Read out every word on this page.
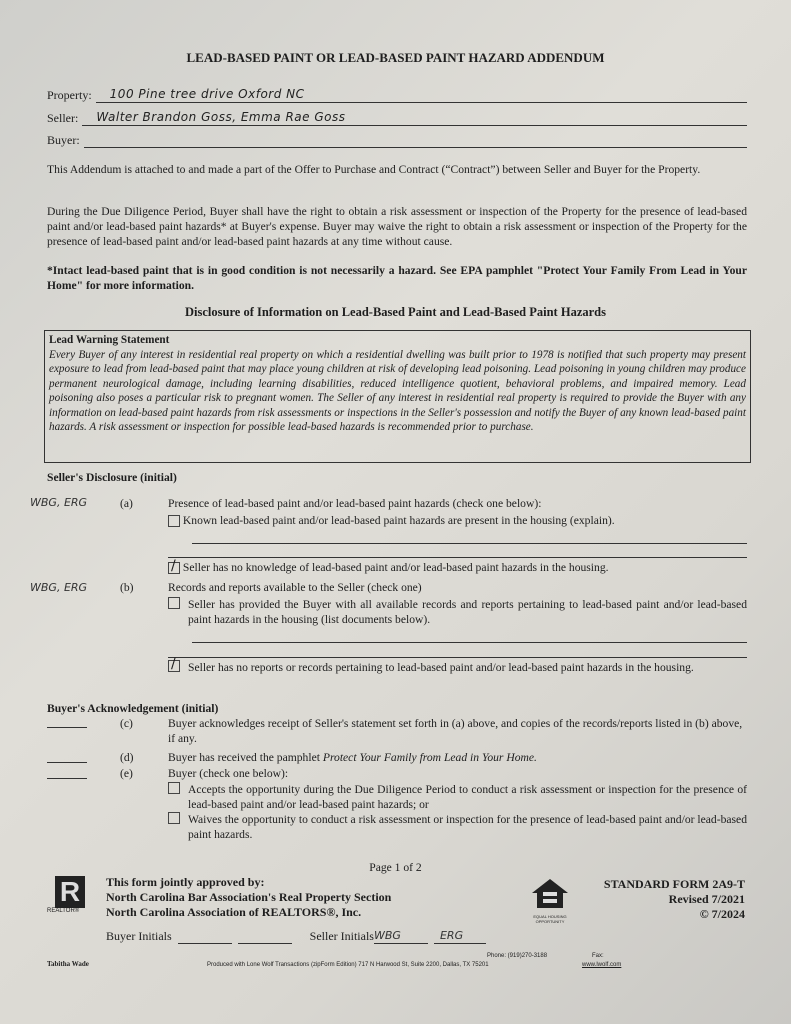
LEAD-BASED PAINT OR LEAD-BASED PAINT HAZARD ADDENDUM
Property:	100 Pine tree drive Oxford NC
Seller:	Walter Brandon Goss, Emma Rae Goss
Buyer:

This Addendum is attached to and made a part of the Offer to Purchase and Contract (“Contract”) between Seller and Buyer for the Property.

During the Due Diligence Period, Buyer shall have the right to obtain a risk assessment or inspection of the Property for the presence of lead-based paint and/or lead-based paint hazards* at Buyer's expense. Buyer may waive the right to obtain a risk assessment or inspection of the Property for the presence of lead-based paint and/or lead-based paint hazards at any time without cause.

*Intact lead-based paint that is in good condition is not necessarily a hazard. See EPA pamphlet "Protect Your Family From Lead in Your Home" for more information.

Disclosure of Information on Lead-Based Paint and Lead-Based Paint Hazards
Lead Warning Statement
Every Buyer of any interest in residential real property on which a residential dwelling was built prior to 1978 is notified that such property may present exposure to lead from lead-based paint that may place young children at risk of developing lead poisoning. Lead poisoning in young children may produce permanent neurological damage, including learning disabilities, reduced intelligence quotient, behavioral problems, and impaired memory. Lead poisoning also poses a particular risk to pregnant women. The Seller of any interest in residential real property is required to provide the Buyer with any information on lead-based paint hazards from risk assessments or inspections in the Seller's possession and notify the Buyer of any known lead-based paint hazards. A risk assessment or inspection for possible lead-based hazards is recommended prior to purchase.
Seller's Disclosure (initial)
WBG, ERG	(a)	Presence of lead-based paint and/or lead-based paint hazards (check one below):
Known lead-based paint and/or lead-based paint hazards are present in the housing (explain).
/ Seller has no knowledge of lead-based paint and/or lead-based paint hazards in the housing.
WBG, ERG	(b)	Records and reports available to the Seller (check one)
Seller has provided the Buyer with all available records and reports pertaining to lead-based paint and/or lead-based paint hazards in the housing (list documents below).
/
Seller has no reports or records pertaining to lead-based paint and/or lead-based paint hazards in the housing.
Buyer's Acknowledgement (initial)
(c)	Buyer acknowledges receipt of Seller's statement set forth in (a) above, and copies of the records/reports listed in (b) above, if any.
(d)	Buyer has received the pamphlet Protect Your Family from Lead in Your Home.
(e)	Buyer (check one below):
Accepts the opportunity during the Due Diligence Period to conduct a risk assessment or inspection for the presence of lead-based paint and/or lead-based paint hazards; or
Waives the opportunity to conduct a risk assessment or inspection for the presence of lead-based paint and/or lead-based paint hazards.
Page 1 of 2
R
REALTOR®
This form jointly approved by:
North Carolina Bar Association's Real Property Section
North Carolina Association of REALTORS®, Inc.	EQUAL HOUSING OPPORTUNITY
STANDARD FORM 2A9-T
Revised 7/2021
© 7/2024
Buyer Initials	Seller Initials WBG	ERG
Tabitha Wade
Phone: (919)270-3188	Fax:
Produced with Lone Wolf Transactions (zipForm Edition) 717 N Harwood St, Suite 2200, Dallas, TX 75201	www.lwolf.com
